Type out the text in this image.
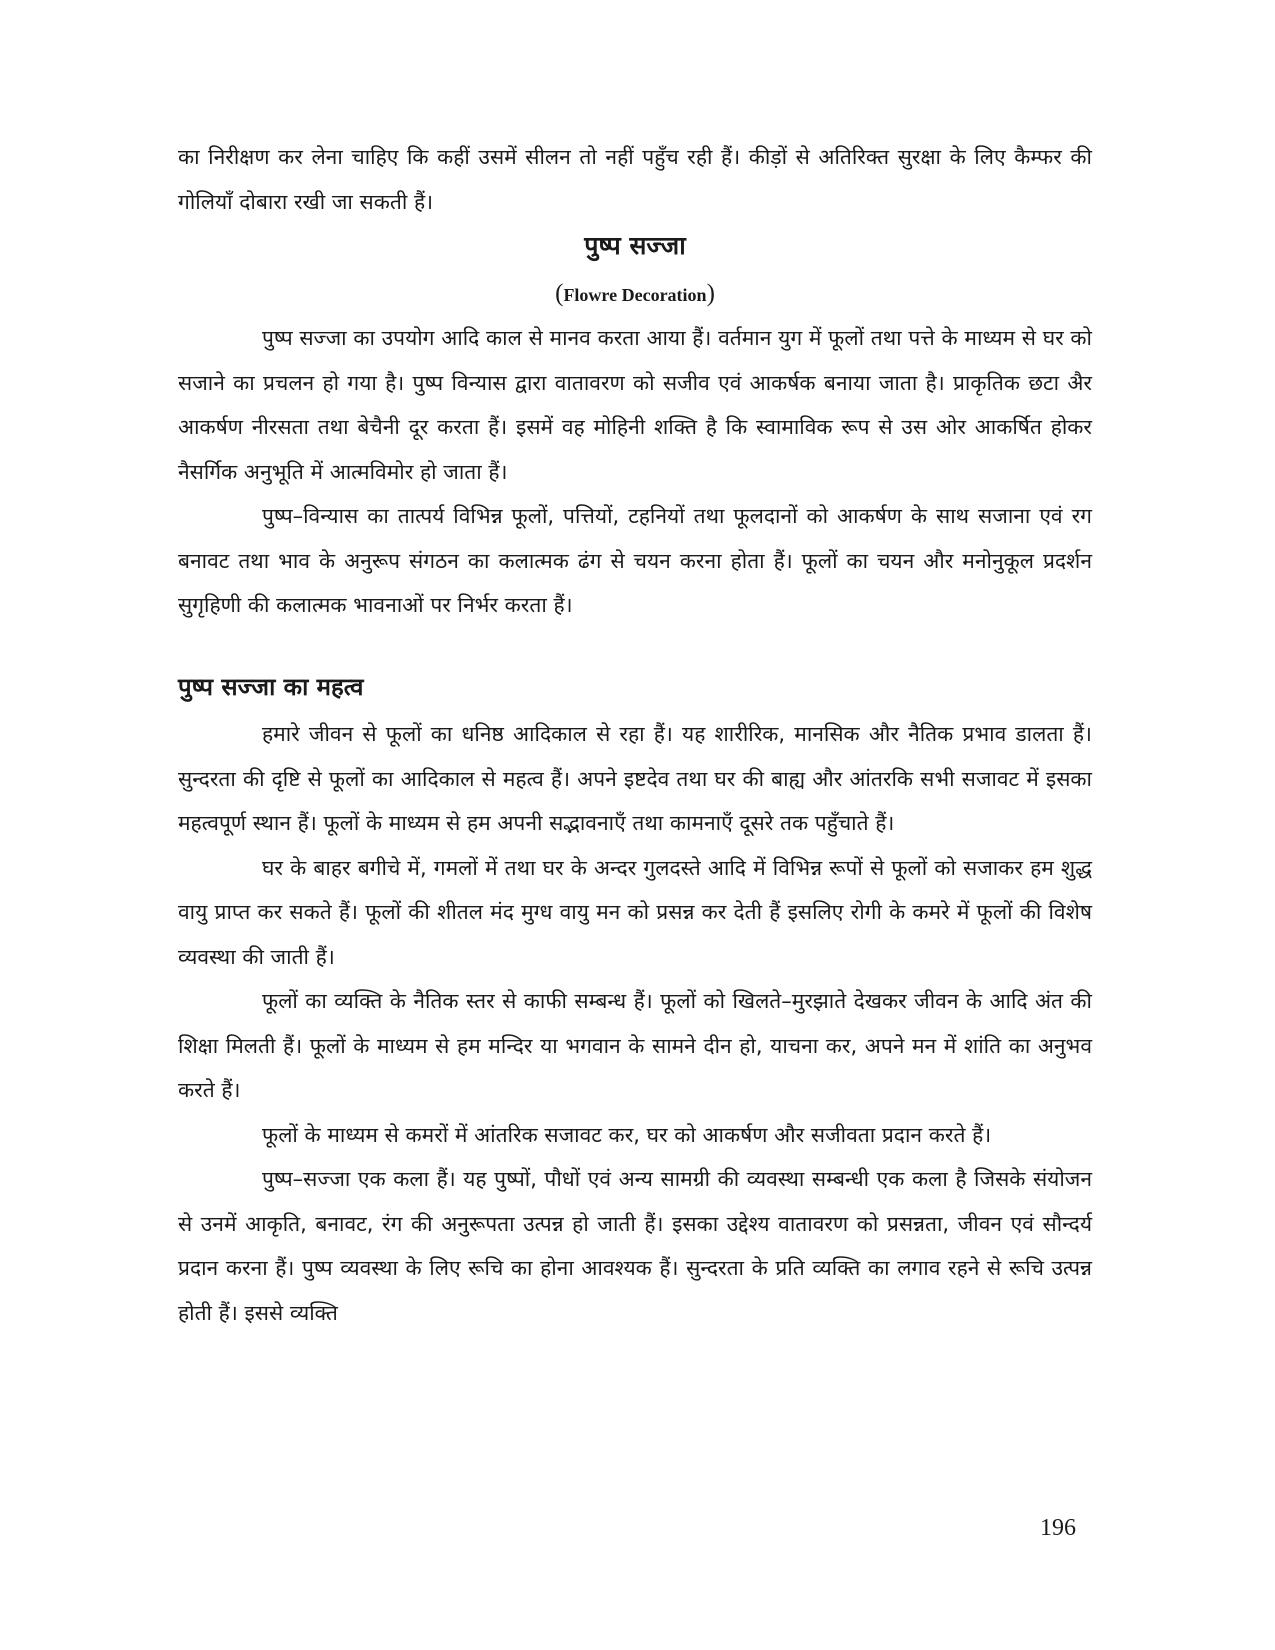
का निरीक्षण कर लेना चाहिए कि कहीं उसमें सीलन तो नहीं पहुँच रही हैं। कीड़ों से अतिरिक्त सुरक्षा के लिए कैम्फर की गोलियाँ दोबारा रखी जा सकती हैं।

पुष्प सज्जा
(Flowre Decoration)

पुष्प सज्जा का उपयोग आदि काल से मानव करता आया हैं। वर्तमान युग में फूलों तथा पत्ते के माध्यम से घर को सजाने का प्रचलन हो गया है। पुष्प विन्यास द्वारा वातावरण को सजीव एवं आकर्षक बनाया जाता है। प्राकृतिक छटा अैर आकर्षण नीरसता तथा बेचैनी दूर करता हैं। इसमें वह मोहिनी शक्ति है कि स्वामाविक रूप से उस ओर आकर्षित होकर नैसर्गिक अनुभूति में आत्मविमोर हो जाता हैं।

पुष्प–विन्यास का तात्पर्य विभिन्न फूलों, पत्तियों, टहनियों तथा फूलदानों को आकर्षण के साथ सजाना एवं रग बनावट तथा भाव के अनुरूप संगठन का कलात्मक ढंग से चयन करना होता हैं। फूलों का चयन और मनोनुकूल प्रदर्शन सुगृहिणी की कलात्मक भावनाओं पर निर्भर करता हैं।

पुष्प सज्जा का महत्व

हमारे जीवन से फूलों का धनिष्ठ आदिकाल से रहा हैं। यह शारीरिक, मानसिक और नैतिक प्रभाव डालता हैं। सुन्दरता की दृष्टि से फूलों का आदिकाल से महत्व हैं। अपने इष्टदेव तथा घर की बाह्य और आंतरकि सभी सजावट में इसका महत्वपूर्ण स्थान हैं। फूलों के माध्यम से हम अपनी सद्भावनाएँ तथा कामनाएँ दूसरे तक पहुँचाते हैं।

घर के बाहर बगीचे में, गमलों में तथा घर के अन्दर गुलदस्ते आदि में विभिन्न रूपों से फूलों को सजाकर हम शुद्ध वायु प्राप्त कर सकते हैं। फूलों की शीतल मंद मुग्ध वायु मन को प्रसन्न कर देती हैं इसलिए रोगी के कमरे में फूलों की विशेष व्यवस्था की जाती हैं।

फूलों का व्यक्ति के नैतिक स्तर से काफी सम्बन्ध हैं। फूलों को खिलते–मुरझाते देखकर जीवन के आदि अंत की शिक्षा मिलती हैं। फूलों के माध्यम से हम मन्दिर या भगवान के सामने दीन हो, याचना कर, अपने मन में शांति का अनुभव करते हैं।

फूलों के माध्यम से कमरों में आंतरिक सजावट कर, घर को आकर्षण और सजीवता प्रदान करते हैं।

पुष्प–सज्जा एक कला हैं। यह पुष्पों, पौधों एवं अन्य सामग्री की व्यवस्था सम्बन्धी एक कला है जिसके संयोजन से उनमें आकृति, बनावट, रंग की अनुरूपता उत्पन्न हो जाती हैं। इसका उद्देश्य वातावरण को प्रसन्नता, जीवन एवं सौन्दर्य प्रदान करना हैं। पुष्प व्यवस्था के लिए रूचि का होना आवश्यक हैं। सुन्दरता के प्रति व्यक्ति का लगाव रहने से रूचि उत्पन्न होती हैं। इससे व्यक्ति

196
